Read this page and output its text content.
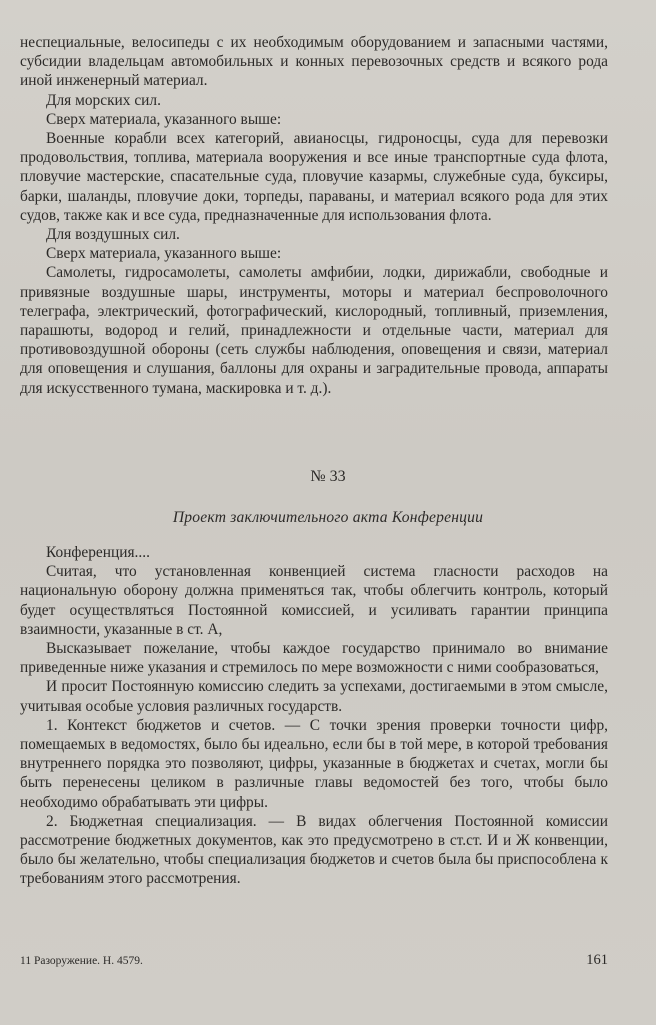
неспециальные, велосипеды с их необходимым оборудованием и запасными частями, субсидии владельцам автомобильных и конных перевозочных средств и всякого рода иной инженерный материал.

Для морских сил.

Сверх материала, указанного выше:

Военные корабли всех категорий, авианосцы, гидроносцы, суда для перевозки продовольствия, топлива, материала вооружения и все иные транспортные суда флота, пловучие мастерские, спасательные суда, пловучие казармы, служебные суда, буксиры, барки, шаланды, пловучие доки, торпеды, параваны, и материал всякого рода для этих судов, также как и все суда, предназначенные для использования флота.

Для воздушных сил.

Сверх материала, указанного выше:

Самолеты, гидросамолеты, самолеты амфибии, лодки, дирижабли, свободные и привязные воздушные шары, инструменты, моторы и материал беспроволочного телеграфа, электрический, фотографический, кислородный, топливный, приземления, парашюты, водород и гелий, принадлежности и отдельные части, материал для противовоздушной обороны (сеть службы наблюдения, оповещения и связи, материал для оповещения и слушания, баллоны для охраны и заградительные провода, аппараты для искусственного тумана, маскировка и т. д.).

№ 33
Проект заключительного акта Конференции

Конференция....

Считая, что установленная конвенцией система гласности расходов на национальную оборону должна применяться так, чтобы облегчить контроль, который будет осуществляться Постоянной комиссией, и усиливать гарантии принципа взаимности, указанные в ст. А,

Высказывает пожелание, чтобы каждое государство принимало во внимание приведенные ниже указания и стремилось по мере возможности с ними сообразоваться,

И просит Постоянную комиссию следить за успехами, достигаемыми в этом смысле, учитывая особые условия различных государств.

1. Контекст бюджетов и счетов. — С точки зрения проверки точности цифр, помещаемых в ведомостях, было бы идеально, если бы в той мере, в которой требования внутреннего порядка это позволяют, цифры, указанные в бюджетах и счетах, могли бы быть перенесены целиком в различные главы ведомостей без того, чтобы было необходимо обрабатывать эти цифры.

2. Бюджетная специализация. — В видах облегчения Постоянной комиссии рассмотрение бюджетных документов, как это предусмотрено в ст.ст. И и Ж конвенции, было бы желательно, чтобы специализация бюджетов и счетов была бы приспособлена к требованиям этого рассмотрения.

11 Разоружение. Н. 4579.	161
